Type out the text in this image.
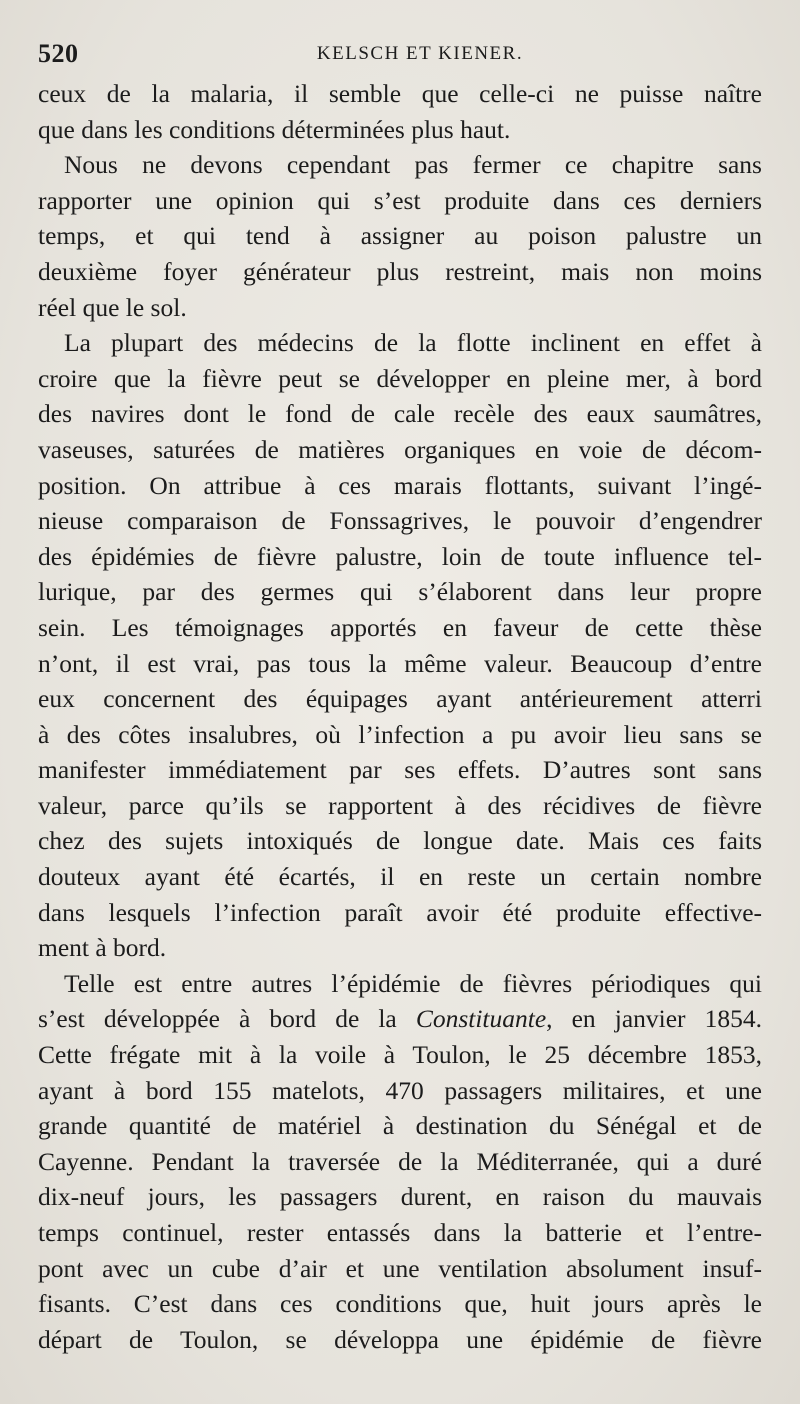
520	KELSCH ET KIENER.

ceux de la malaria, il semble que celle-ci ne puisse naître
que dans les conditions déterminées plus haut.

Nous ne devons cependant pas fermer ce chapitre sans
rapporter une opinion qui s’est produite dans ces derniers
temps, et qui tend à assigner au poison palustre un
deuxième foyer générateur plus restreint, mais non moins
réel que le sol.

La plupart des médecins de la flotte inclinent en effet à
croire que la fièvre peut se développer en pleine mer, à bord
des navires dont le fond de cale recèle des eaux saumâtres,
vaseuses, saturées de matières organiques en voie de décom-
position. On attribue à ces marais flottants, suivant l’ingé-
nieuse comparaison de Fonssagrives, le pouvoir d’engendrer
des épidémies de fièvre palustre, loin de toute influence tel-
lurique, par des germes qui s’élaborent dans leur propre
sein. Les témoignages apportés en faveur de cette thèse
n’ont, il est vrai, pas tous la même valeur. Beaucoup d’entre
eux concernent des équipages ayant antérieurement atterri
à des côtes insalubres, où l’infection a pu avoir lieu sans se
manifester immédiatement par ses effets. D’autres sont sans
valeur, parce qu’ils se rapportent à des récidives de fièvre
chez des sujets intoxiqués de longue date. Mais ces faits
douteux ayant été écartés, il en reste un certain nombre
dans lesquels l’infection paraît avoir été produite effective-
ment à bord.

Telle est entre autres l’épidémie de fièvres périodiques qui
s’est développée à bord de la Constituante, en janvier 1854.
Cette frégate mit à la voile à Toulon, le 25 décembre 1853,
ayant à bord 155 matelots, 470 passagers militaires, et une
grande quantité de matériel à destination du Sénégal et de
Cayenne. Pendant la traversée de la Méditerranée, qui a duré
dix-neuf jours, les passagers durent, en raison du mauvais
temps continuel, rester entassés dans la batterie et l’entre-
pont avec un cube d’air et une ventilation absolument insuf-
fisants. C’est dans ces conditions que, huit jours après le
départ de Toulon, se développa une épidémie de fièvre
